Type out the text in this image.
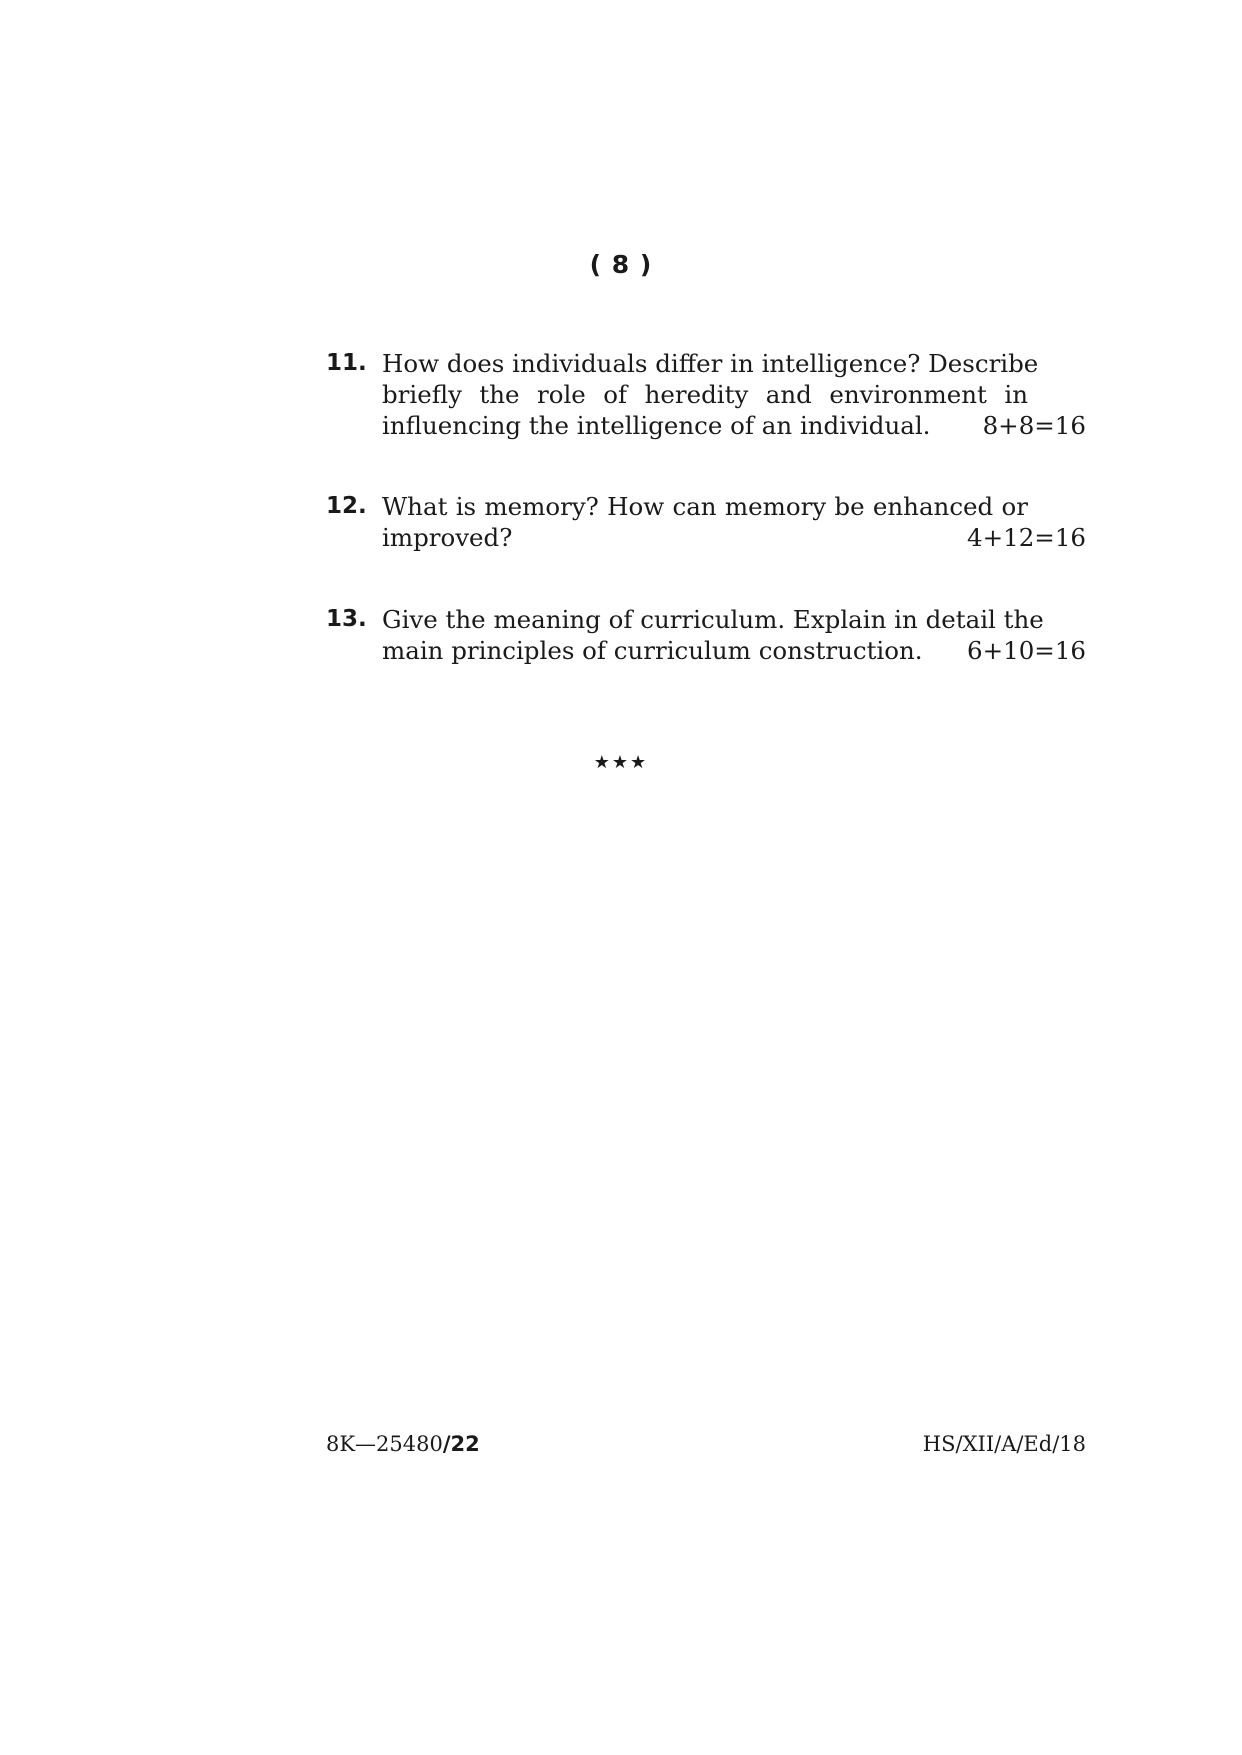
( 8 )
11. How does individuals differ in intelligence? Describe
briefly the role of heredity and environment in
influencing the intelligence of an individual. 8+8=16
12. What is memory? How can memory be enhanced or
improved?	4+12=16
13. Give the meaning of curriculum. Explain in detail the
main principles of curriculum construction. 6+10=16
★★★
8K—25480/22	HS/XII/A/Ed/18
